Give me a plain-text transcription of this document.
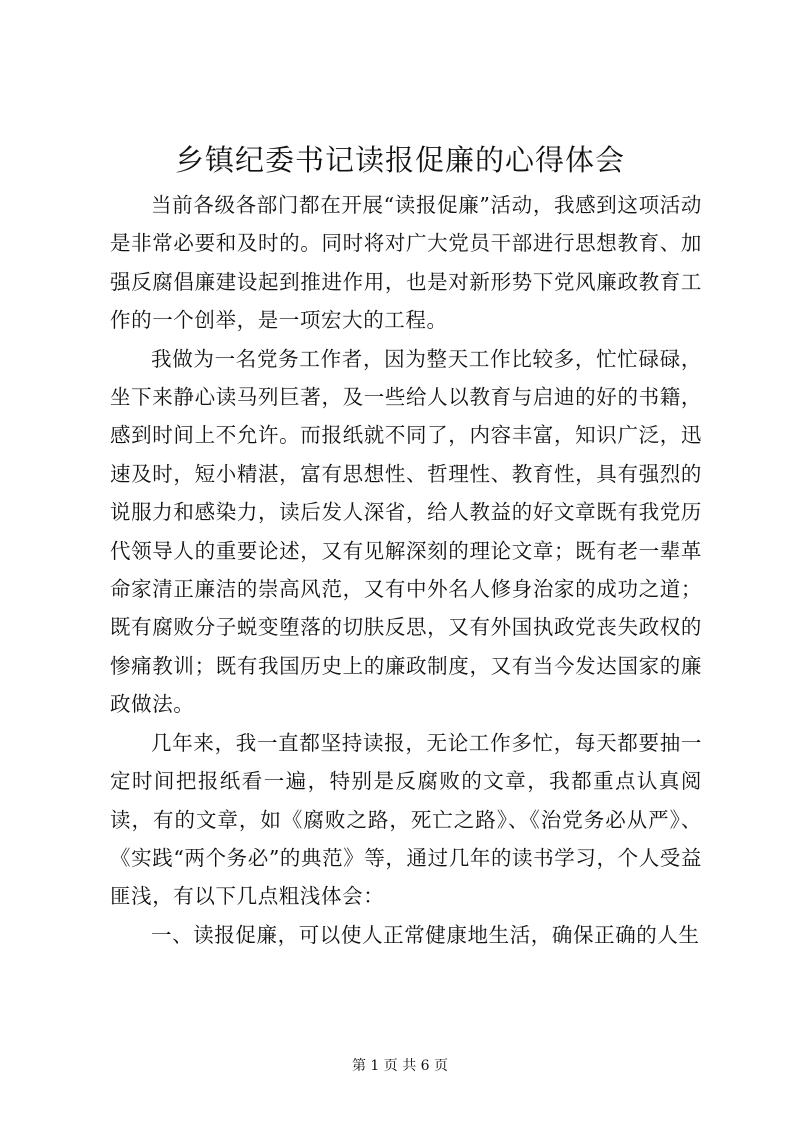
乡镇纪委书记读报促廉的心得体会

当前各级各部门都在开展“读报促廉”活动，我感到这项活动是非常必要和及时的。同时将对广大党员干部进行思想教育、加强反腐倡廉建设起到推进作用，也是对新形势下党风廉政教育工作的一个创举，是一项宏大的工程。

我做为一名党务工作者，因为整天工作比较多，忙忙碌碌，坐下来静心读马列巨著，及一些给人以教育与启迪的好的书籍，感到时间上不允许。而报纸就不同了，内容丰富，知识广泛，迅速及时，短小精湛，富有思想性、哲理性、教育性，具有强烈的说服力和感染力，读后发人深省，给人教益的好文章既有我党历代领导人的重要论述，又有见解深刻的理论文章；既有老一辈革命家清正廉洁的崇高风范，又有中外名人修身治家的成功之道；既有腐败分子蜕变堕落的切肤反思，又有外国执政党丧失政权的惨痛教训；既有我国历史上的廉政制度，又有当今发达国家的廉政做法。

几年来，我一直都坚持读报，无论工作多忙，每天都要抽一定时间把报纸看一遍，特别是反腐败的文章，我都重点认真阅读，有的文章，如《腐败之路，死亡之路》、《治党务必从严》、《实践“两个务必”的典范》等，通过几年的读书学习，个人受益匪浅，有以下几点粗浅体会：

一、读报促廉，可以使人正常健康地生活，确保正确的人生

第 1 页 共 6 页
